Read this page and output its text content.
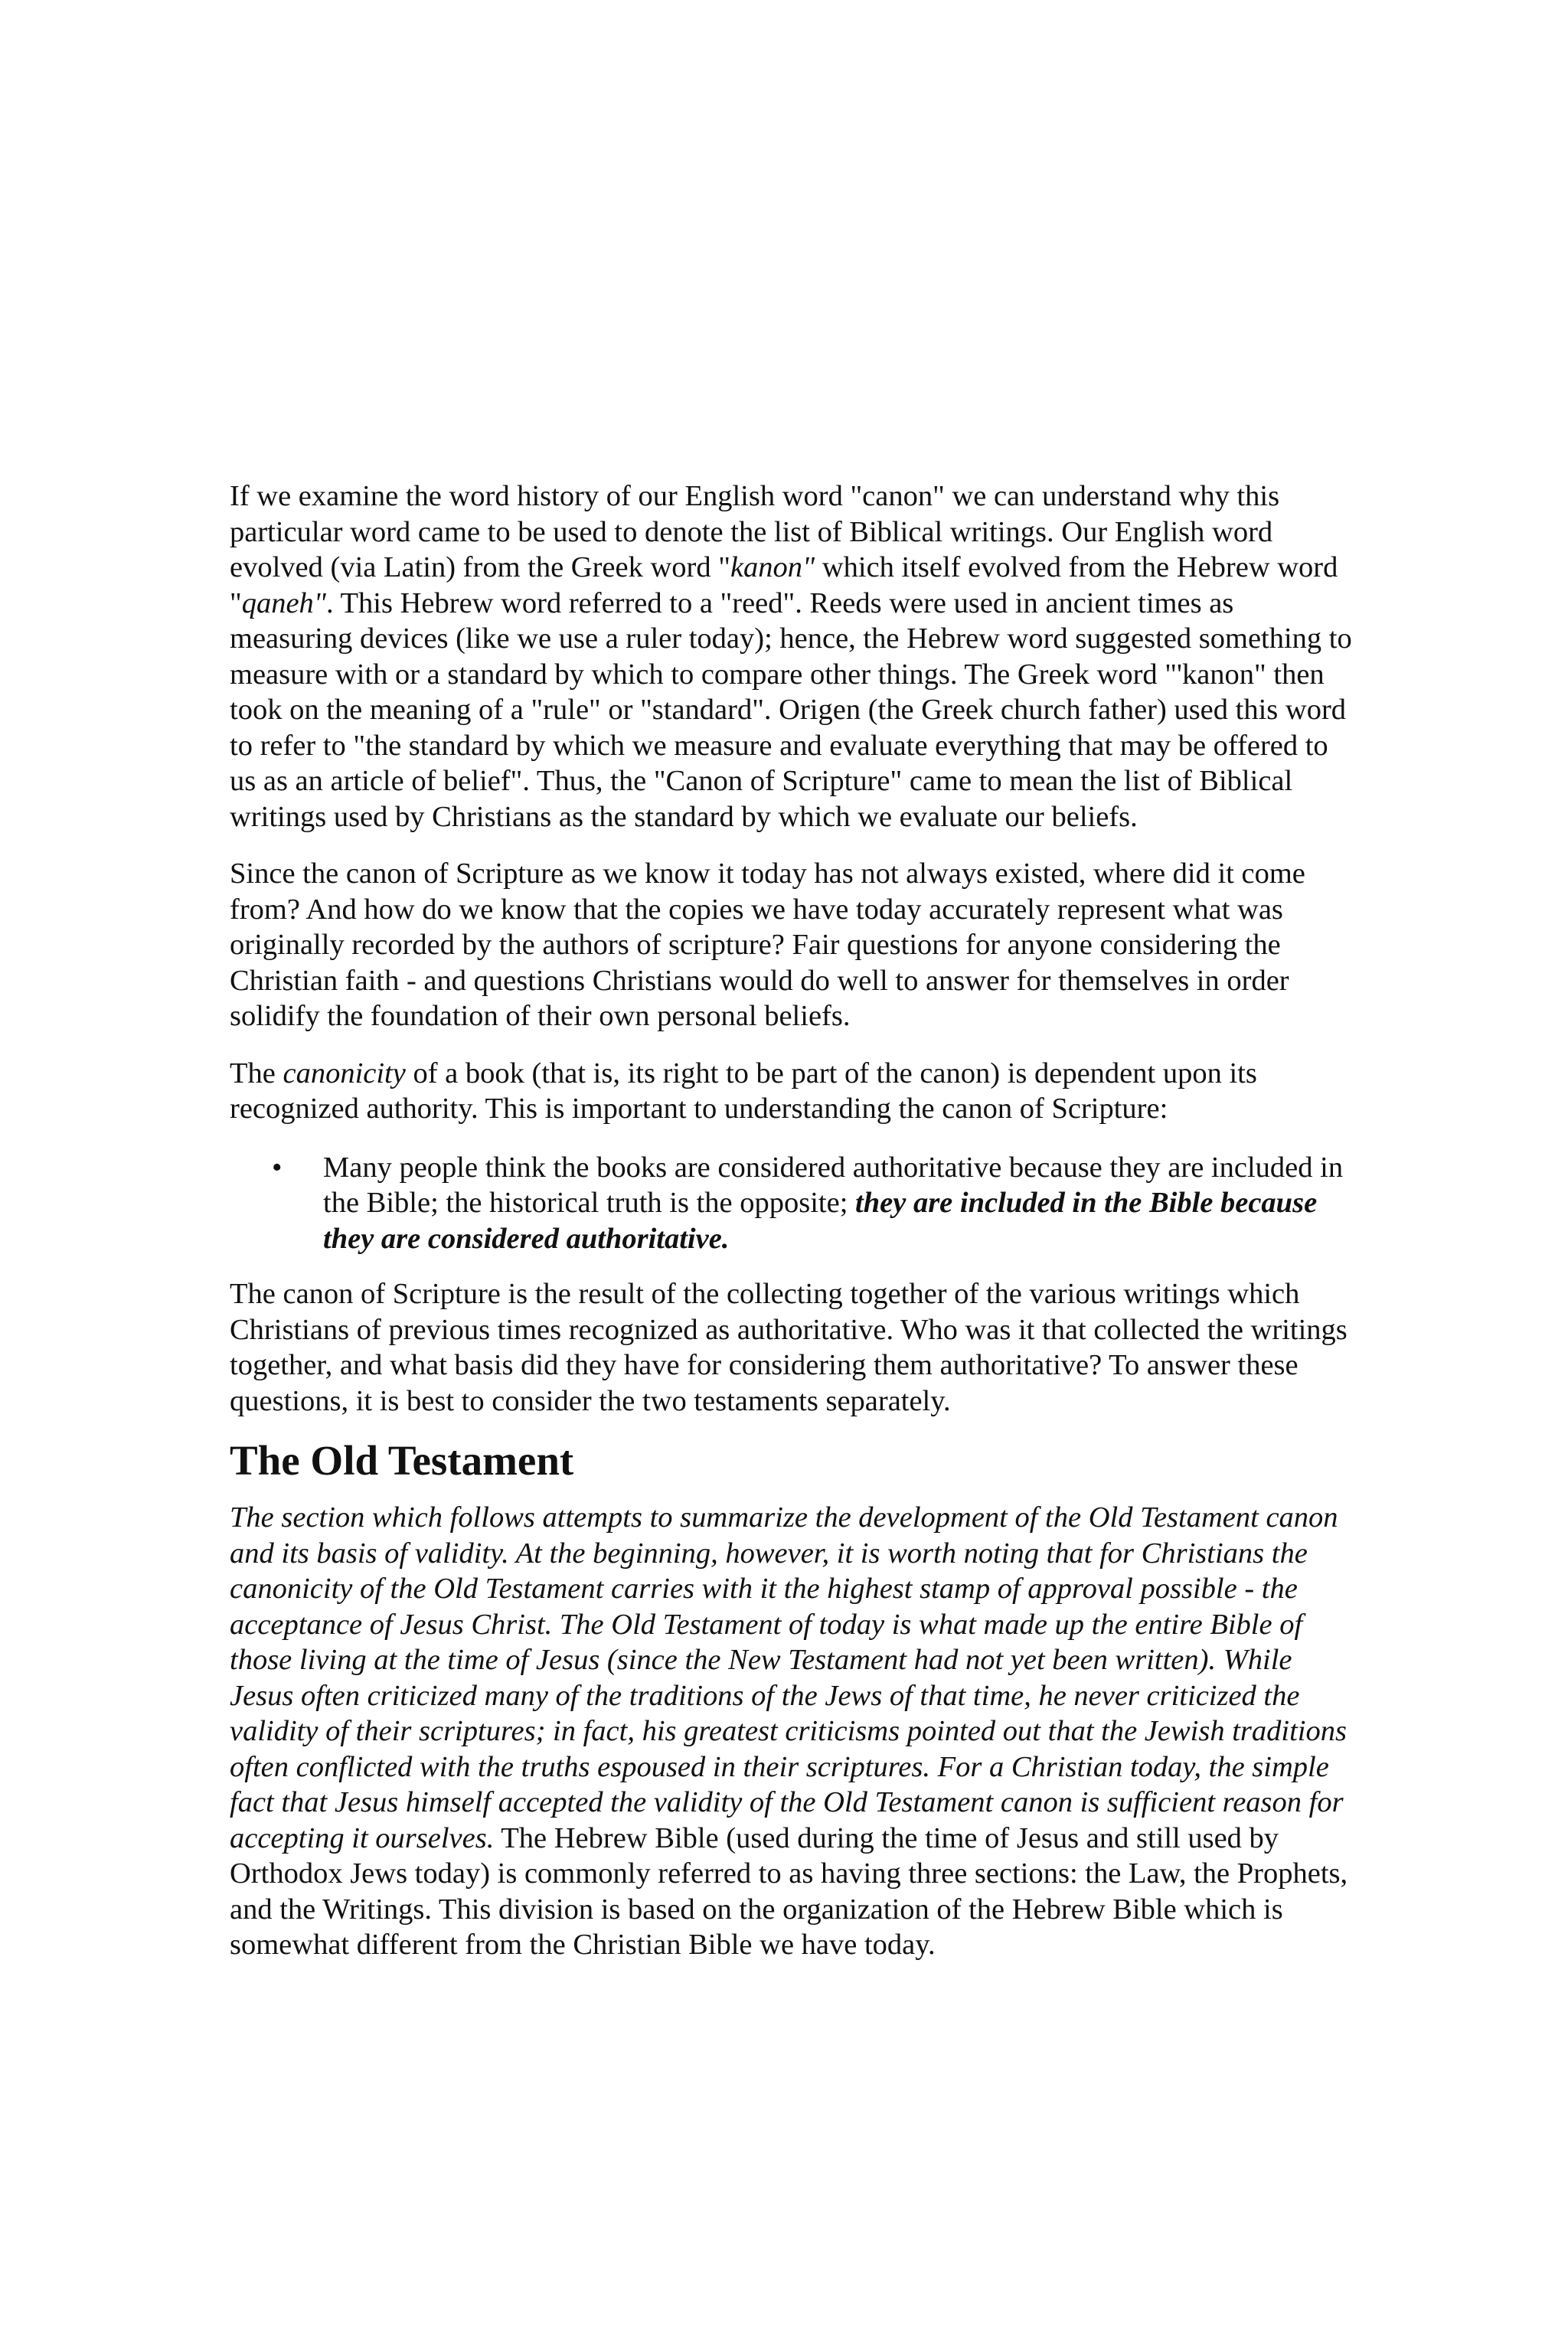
If we examine the word history of our English word "canon" we can understand why this particular word came to be used to denote the list of Biblical writings. Our English word evolved (via Latin) from the Greek word "kanon" which itself evolved from the Hebrew word "qaneh". This Hebrew word referred to a "reed". Reeds were used in ancient times as measuring devices (like we use a ruler today); hence, the Hebrew word suggested something to measure with or a standard by which to compare other things. The Greek word "'kanon" then took on the meaning of a "rule" or "standard". Origen (the Greek church father) used this word to refer to "the standard by which we measure and evaluate everything that may be offered to us as an article of belief". Thus, the "Canon of Scripture" came to mean the list of Biblical writings used by Christians as the standard by which we evaluate our beliefs.

Since the canon of Scripture as we know it today has not always existed, where did it come from? And how do we know that the copies we have today accurately represent what was originally recorded by the authors of scripture? Fair questions for anyone considering the Christian faith - and questions Christians would do well to answer for themselves in order solidify the foundation of their own personal beliefs.

The canonicity of a book (that is, its right to be part of the canon) is dependent upon its recognized authority. This is important to understanding the canon of Scripture:

• Many people think the books are considered authoritative because they are included in the Bible; the historical truth is the opposite; they are included in the Bible because they are considered authoritative.

The canon of Scripture is the result of the collecting together of the various writings which Christians of previous times recognized as authoritative. Who was it that collected the writings together, and what basis did they have for considering them authoritative? To answer these questions, it is best to consider the two testaments separately.

The Old Testament

The section which follows attempts to summarize the development of the Old Testament canon and its basis of validity. At the beginning, however, it is worth noting that for Christians the canonicity of the Old Testament carries with it the highest stamp of approval possible - the acceptance of Jesus Christ. The Old Testament of today is what made up the entire Bible of those living at the time of Jesus (since the New Testament had not yet been written). While Jesus often criticized many of the traditions of the Jews of that time, he never criticized the validity of their scriptures; in fact, his greatest criticisms pointed out that the Jewish traditions often conflicted with the truths espoused in their scriptures. For a Christian today, the simple fact that Jesus himself accepted the validity of the Old Testament canon is sufficient reason for accepting it ourselves. The Hebrew Bible (used during the time of Jesus and still used by Orthodox Jews today) is commonly referred to as having three sections: the Law, the Prophets, and the Writings. This division is based on the organization of the Hebrew Bible which is somewhat different from the Christian Bible we have today.
